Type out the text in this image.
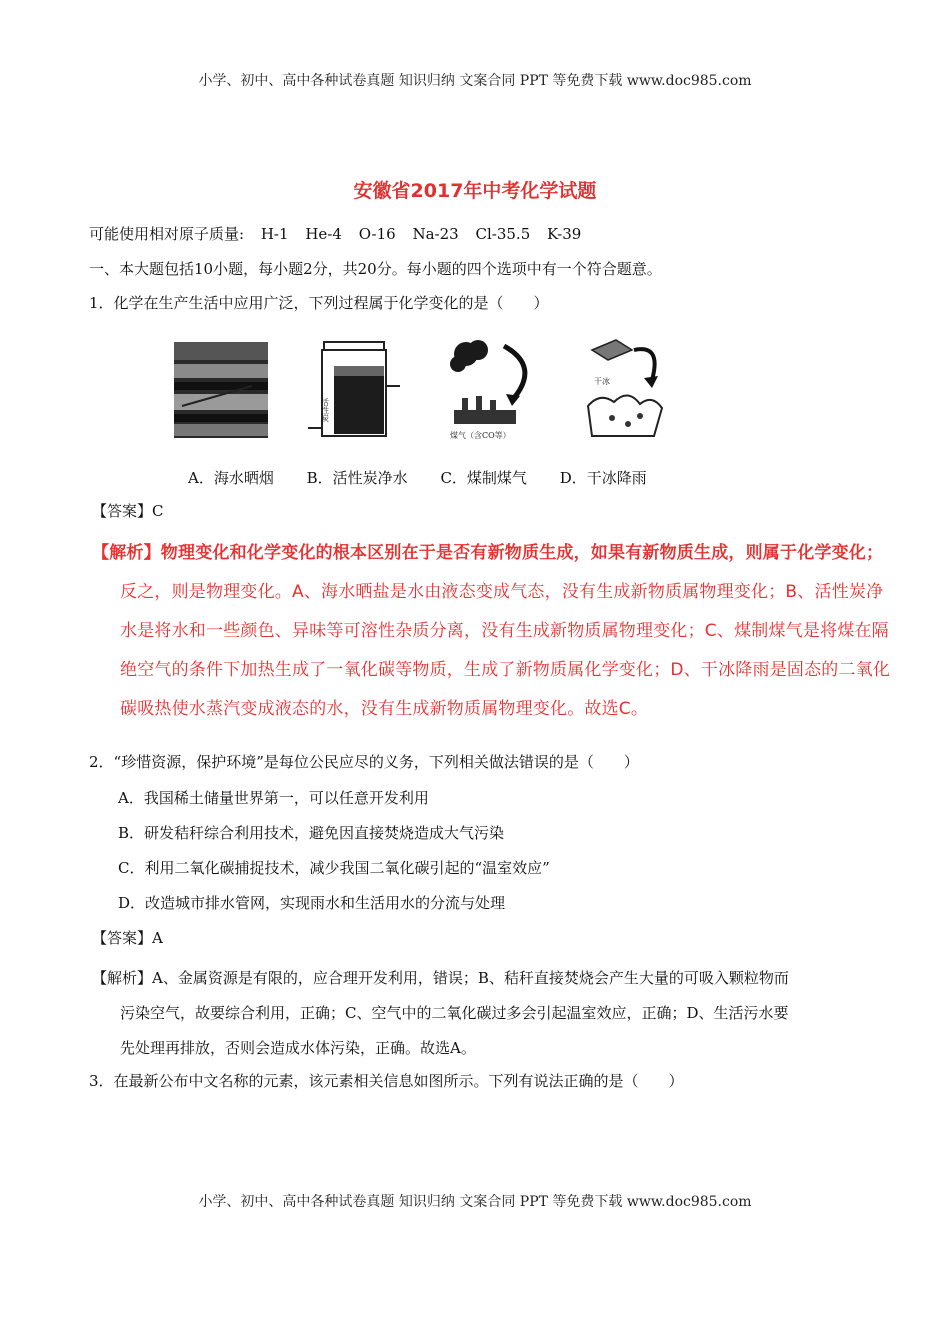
小学、初中、高中各种试卷真题 知识归纳 文案合同 PPT 等免费下载 www.doc985.com
安徽省2017年中考化学试题
可能使用相对原子质量: H-1 He-4 O-16 Na-23 Cl-35.5 K-39
一、本大题包括10小题，每小题2分，共20分。每小题的四个选项中有一个符合题意。
1．化学在生产生活中应用广泛，下列过程属于化学变化的是（　　）
活性炭
煤气（含CO等）
干冰
A．海水晒烟 B．活性炭净水 C．煤制煤气 D．干冰降雨
【答案】C
【解析】物理变化和化学变化的根本区别在于是否有新物质生成，如果有新物质生成，则属于化学变化；
反之，则是物理变化。A、海水晒盐是水由液态变成气态，没有生成新物质属物理变化；B、活性炭净
水是将水和一些颜色、异味等可溶性杂质分离，没有生成新物质属物理变化；C、煤制煤气是将煤在隔
绝空气的条件下加热生成了一氧化碳等物质，生成了新物质属化学变化；D、干冰降雨是固态的二氧化
碳吸热使水蒸汽变成液态的水，没有生成新物质属物理变化。故选C。
2．“珍惜资源，保护环境”是每位公民应尽的义务，下列相关做法错误的是（　　）
A．我国稀土储量世界第一，可以任意开发利用
B．研发秸秆综合利用技术，避免因直接焚烧造成大气污染
C．利用二氧化碳捕捉技术，减少我国二氧化碳引起的“温室效应”
D．改造城市排水管网，实现雨水和生活用水的分流与处理
【答案】A
【解析】A、金属资源是有限的，应合理开发利用，错误；B、秸秆直接焚烧会产生大量的可吸入颗粒物而
污染空气，故要综合利用，正确；C、空气中的二氧化碳过多会引起温室效应，正确；D、生活污水要
先处理再排放，否则会造成水体污染，正确。故选A。
3．在最新公布中文名称的元素，该元素相关信息如图所示。下列有说法正确的是（　　）
小学、初中、高中各种试卷真题 知识归纳 文案合同 PPT 等免费下载 www.doc985.com
